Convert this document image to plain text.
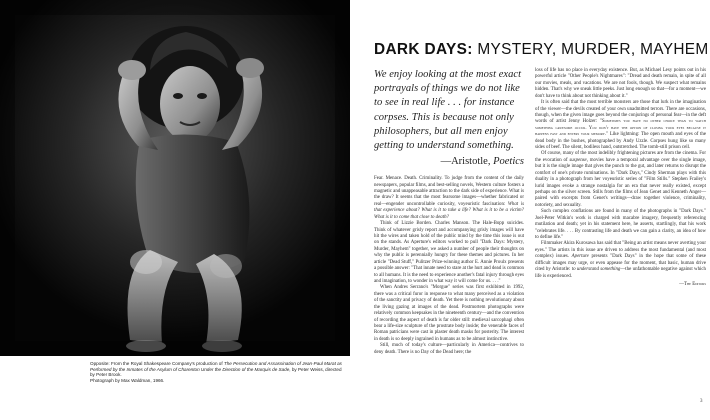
Opposite: From the Royal Shakespeare Company's production of The Persecution and Assassination of Jean-Paul Marat as Performed by the Inmates of the Asylum of Charenton Under the Direction of the Marquis de Sade, by Peter Weiss, directed by Peter Brook.

Photograph by Max Waldman, 1966.

DARK DAYS: MYSTERY, MURDER, MAYHEM

We enjoy looking at the most exact portrayals of things we do not like to see in real life . . . for instance corpses. This is because not only philosophers, but all men enjoy getting to understand something.

—Aristotle, Poetics

Fear. Menace. Death. Criminality. To judge from the content of the daily newspapers, popular films, and best-selling novels, Western culture fosters a magnetic and unappeasable attraction to the dark side of experience. What is the draw? It seems that the most fearsome images—whether fabricated or real—engender uncontrollable curiosity, voyeuristic fascination: What is that experience about? What is it to take a life? What is it to be a victim? What is it to come that close to death?

Think of Lizzie Borden. Charles Manson. The Hale-Bopp suicides. Think of whatever grisly report and accompanying grisly images will have hit the wires and taken hold of the public mind by the time this issue is out on the stands. As Aperture's editors worked to pull "Dark Days: Mystery, Murder, Mayhem" together, we asked a number of people their thoughts on why the public is perennially hungry for these themes and pictures. In her article "Dead Stuff," Pulitzer Prize-winning author E. Annie Proulx presents a possible answer: "That innate need to stare at the hurt and dead is common to all humans. It is the need to experience another's fatal injury through eyes and imagination, to wonder in what way it will come for us. . . ."

When Andres Serrano's "Morgue" series was first exhibited in 1992, there was a critical furor in response to what many perceived as a violation of the sanctity and privacy of death. Yet there is nothing revolutionary about the living gazing at images of the dead. Postmortem photographs were relatively common keepsakes in the nineteenth century—and the convention of recording the aspect of death is far older still: medieval sarcophagi often bear a life-size sculpture of the prostrate body inside; the venerable faces of Roman patricians were cast in plaster death masks for posterity. The interest in death is so deeply ingrained in humans as to be almost instinctive.

Still, much of today's culture—particularly in America—contrives to deny death. There is no Day of the Dead here; the

loss of life has no place in everyday existence. But, as Michael Lesy points out in his powerful article "Other People's Nightmares": "Dread and death remain, in spite of all our movies, meals, and vacations. We are not fools, though. We suspect what remains hidden. That's why we sneak little peeks. Just long enough so that—for a moment—we don't have to think about not thinking about it."

It is often said that the most terrible monsters are those that lurk in the imagination of the viewer—the devils created of your own unadmitted terrors. There are occasions, though, when the given image goes beyond the conjurings of personal fear—in the deft words of artist Jenny Holzer: "Sometimes you have no other choice than to watch something gruesome occur. You don't have the option of closing your eyes because it happens fast and enters your memory." Like lightning: The open mouth and eyes of the dead body in the bushes, photographed by Andy Uzzle. Corpses hung like so many sides of beef. The silent, bodiless hand, outstretched. The tomb-still prison cell.

Of course, many of the most indelibly frightening pictures are from the cinema. For the evocation of suspense, movies have a temporal advantage over the single image, but it is the single image that gives the punch to the gut, and later returns to disrupt the comfort of one's private ruminations. In "Dark Days," Cindy Sherman plays with this duality in a photograph from her voyeuristic series of "Film Stills." Stephen Frailey's lurid images evoke a strange nostalgia for an era that never really existed, except perhaps on the silver screen. Stills from the films of Jean Genet and Kenneth Anger—paired with excerpts from Genet's writings—draw together violence, criminality, notoriety, and sexuality.

Such complex conflations are found in many of the photographs in "Dark Days." Joel-Peter Witkin's work is charged with macabre imagery, frequently referencing mutilation and death; yet in his statement here, he asserts, startlingly, that his work "celebrates life. . . . By contrasting life and death we can gain a clarity, an idea of how to define life."

Filmmaker Akira Kurosawa has said that "Being an artist means never averting your eyes." The artists in this issue are driven to address the most fundamental (and most complex) issues. Aperture presents "Dark Days" in the hope that some of these difficult images may urge, or even appease for the moment, that basic, human drive cited by Aristotle: to understand something—the unfathomable negative against which life is experienced.

—The Editors

3
